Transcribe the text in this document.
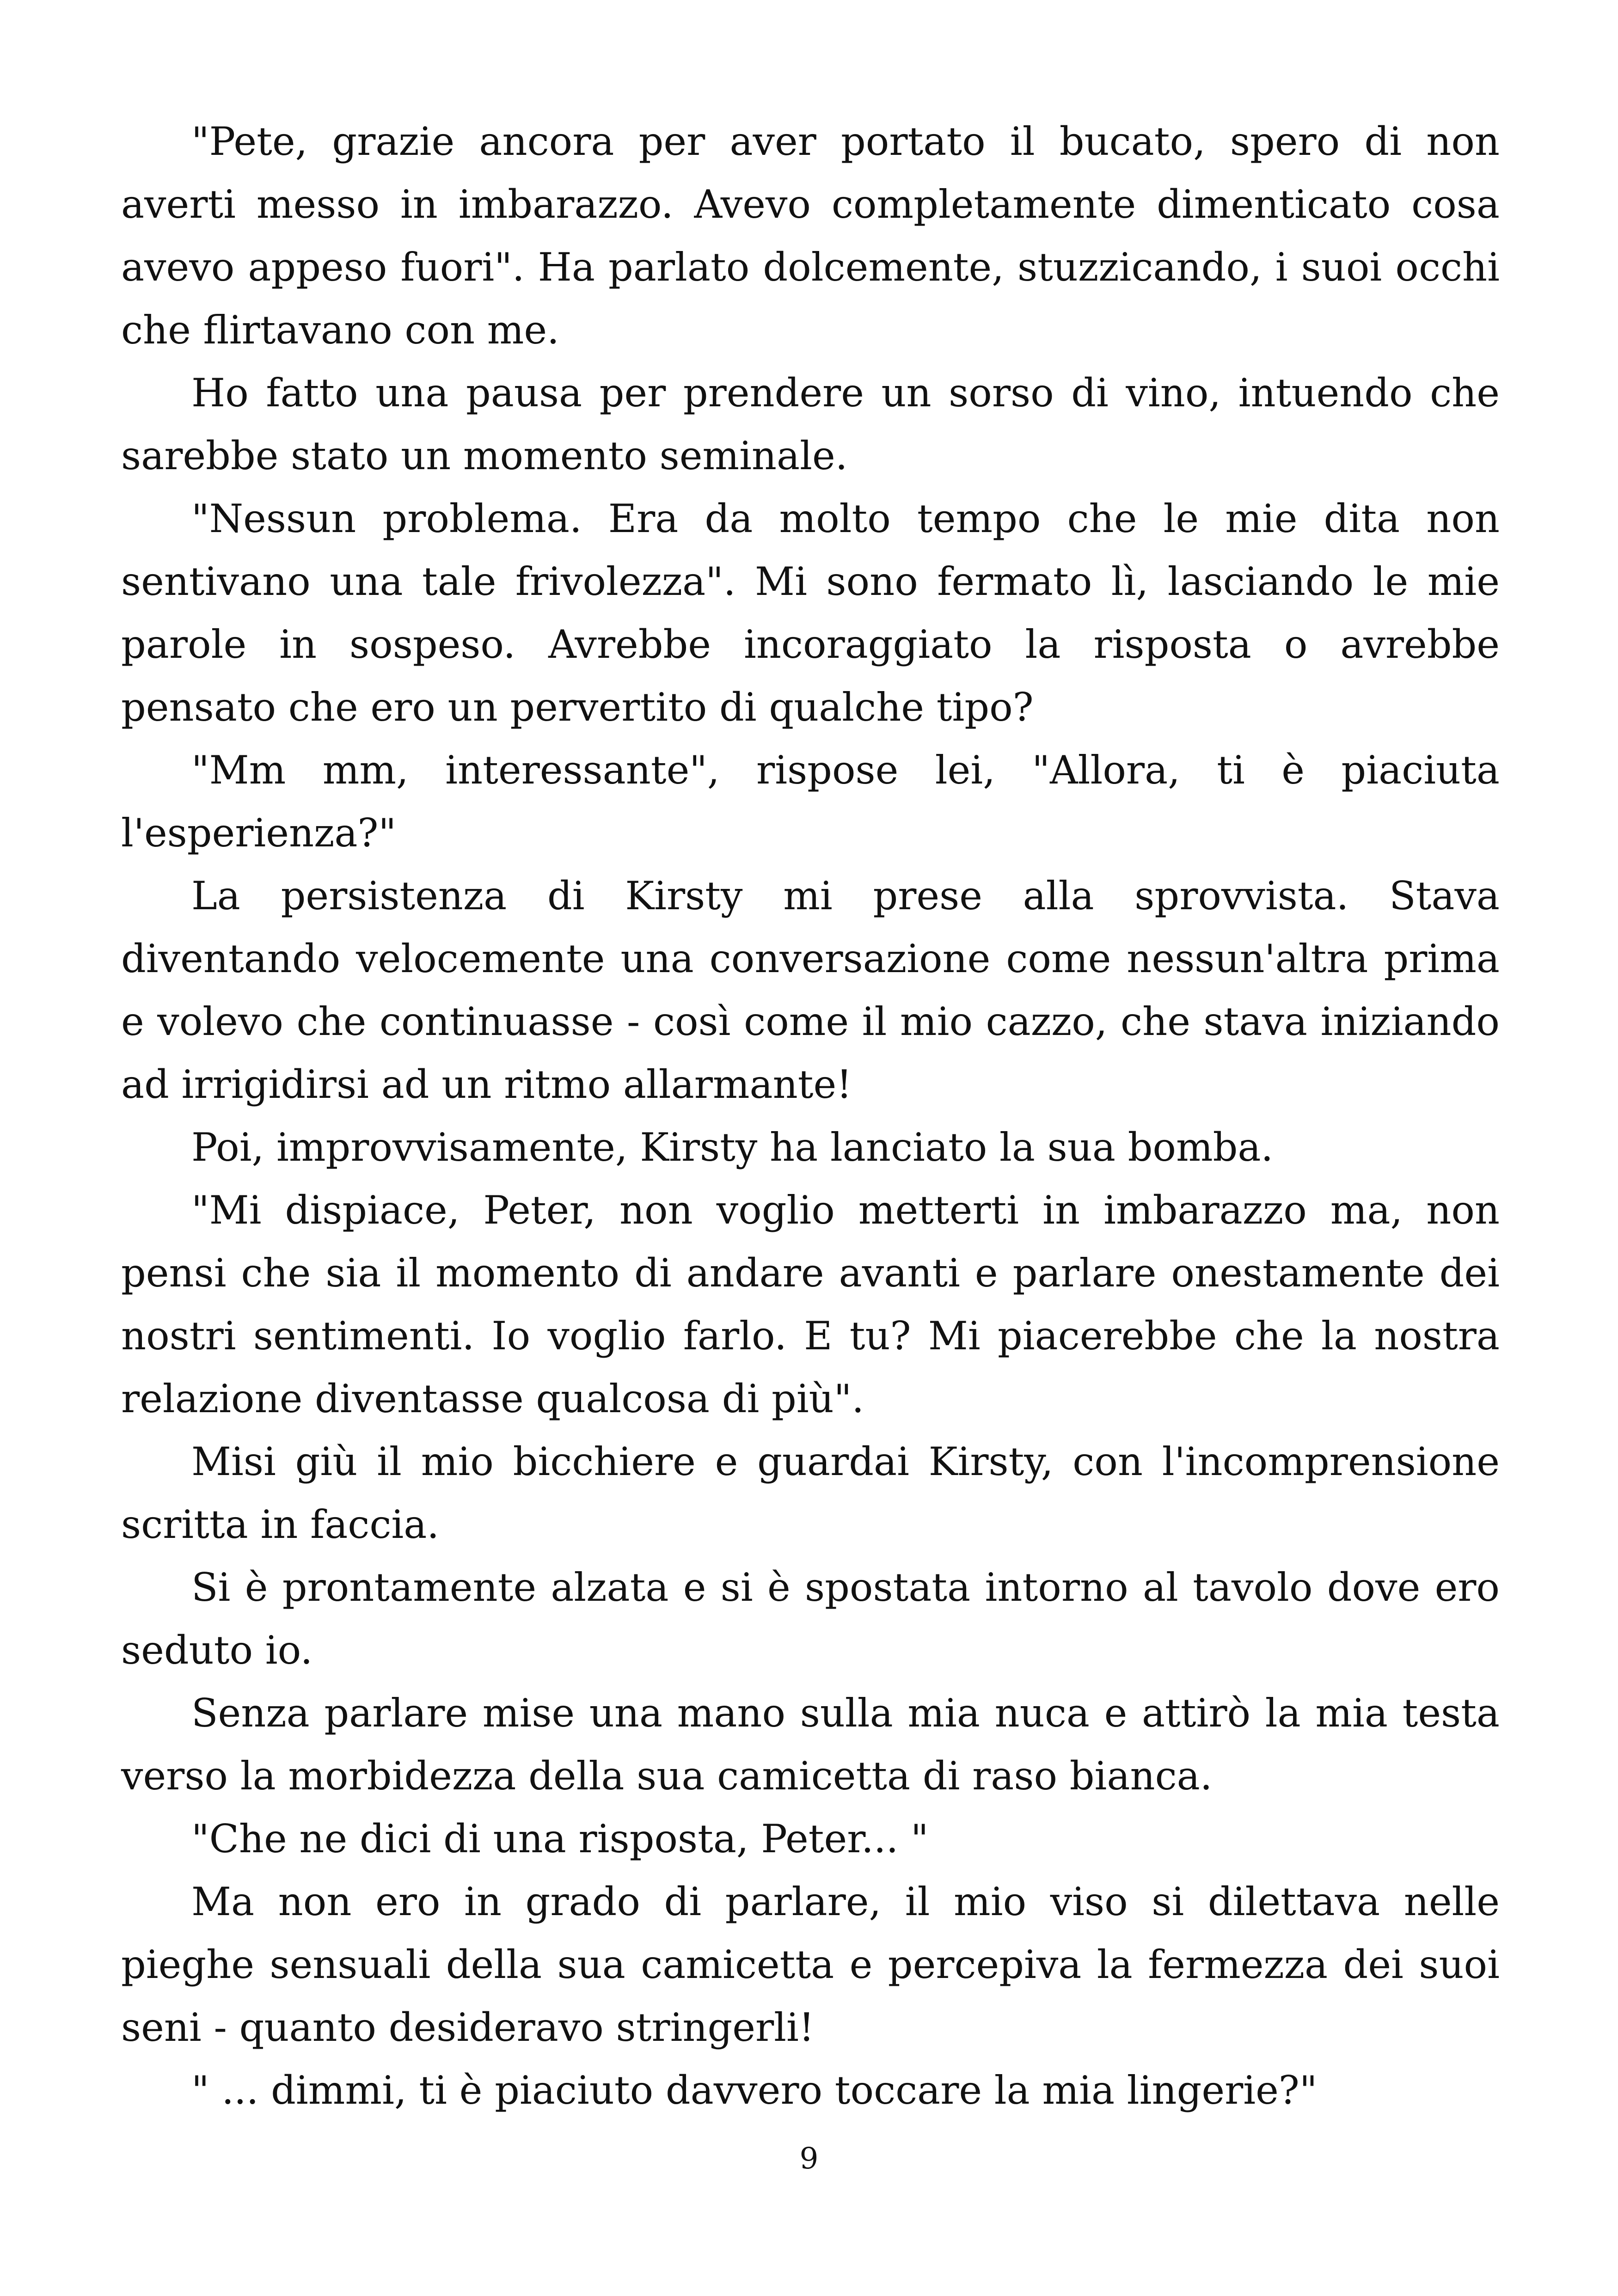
"Pete, grazie ancora per aver portato il bucato, spero di non averti messo in imbarazzo. Avevo completamente dimenticato cosa avevo appeso fuori". Ha parlato dolcemente, stuzzicando, i suoi occhi che flirtavano con me.

Ho fatto una pausa per prendere un sorso di vino, intuendo che sarebbe stato un momento seminale.

"Nessun problema. Era da molto tempo che le mie dita non sentivano una tale frivolezza". Mi sono fermato lì, lasciando le mie parole in sospeso. Avrebbe incoraggiato la risposta o avrebbe pensato che ero un pervertito di qualche tipo?

"Mm mm, interessante", rispose lei, "Allora, ti è piaciuta l'esperienza?"

La persistenza di Kirsty mi prese alla sprovvista. Stava diventando velocemente una conversazione come nessun'altra prima e volevo che continuasse - così come il mio cazzo, che stava iniziando ad irrigidirsi ad un ritmo allarmante!

Poi, improvvisamente, Kirsty ha lanciato la sua bomba.

"Mi dispiace, Peter, non voglio metterti in imbarazzo ma, non pensi che sia il momento di andare avanti e parlare onestamente dei nostri sentimenti. Io voglio farlo. E tu? Mi piacerebbe che la nostra relazione diventasse qualcosa di più".

Misi giù il mio bicchiere e guardai Kirsty, con l'incomprensione scritta in faccia.

Si è prontamente alzata e si è spostata intorno al tavolo dove ero seduto io.

Senza parlare mise una mano sulla mia nuca e attirò la mia testa verso la morbidezza della sua camicetta di raso bianca.

"Che ne dici di una risposta, Peter... "

Ma non ero in grado di parlare, il mio viso si dilettava nelle pieghe sensuali della sua camicetta e percepiva la fermezza dei suoi seni - quanto desideravo stringerli!

" ... dimmi, ti è piaciuto davvero toccare la mia lingerie?"

9
